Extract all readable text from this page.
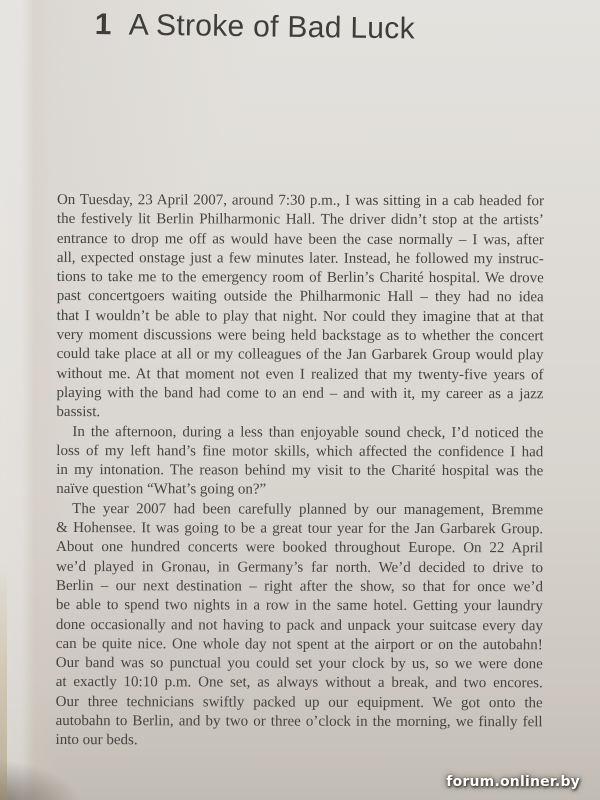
1 A Stroke of Bad Luck
On Tuesday, 23 April 2007, around 7:30 p.m., I was sitting in a cab headed for
the festively lit Berlin Philharmonic Hall. The driver didn’t stop at the artists’
entrance to drop me off as would have been the case normally – I was, after
all, expected onstage just a few minutes later. Instead, he followed my instruc-
tions to take me to the emergency room of Berlin’s Charité hospital. We drove
past concertgoers waiting outside the Philharmonic Hall – they had no idea
that I wouldn’t be able to play that night. Nor could they imagine that at that
very moment discussions were being held backstage as to whether the concert
could take place at all or my colleagues of the Jan Garbarek Group would play
without me. At that moment not even I realized that my twenty-five years of
playing with the band had come to an end – and with it, my career as a jazz
bassist.
In the afternoon, during a less than enjoyable sound check, I’d noticed the
loss of my left hand’s fine motor skills, which affected the confidence I had
in my intonation. The reason behind my visit to the Charité hospital was the
naïve question “What’s going on?”
The year 2007 had been carefully planned by our management, Bremme
& Hohensee. It was going to be a great tour year for the Jan Garbarek Group.
About one hundred concerts were booked throughout Europe. On 22 April
we’d played in Gronau, in Germany’s far north. We’d decided to drive to
Berlin – our next destination – right after the show, so that for once we’d
be able to spend two nights in a row in the same hotel. Getting your laundry
done occasionally and not having to pack and unpack your suitcase every day
can be quite nice. One whole day not spent at the airport or on the autobahn!
Our band was so punctual you could set your clock by us, so we were done
at exactly 10:10 p.m. One set, as always without a break, and two encores.
Our three technicians swiftly packed up our equipment. We got onto the
autobahn to Berlin, and by two or three o’clock in the morning, we finally fell
into our beds.
forum.onliner.by
